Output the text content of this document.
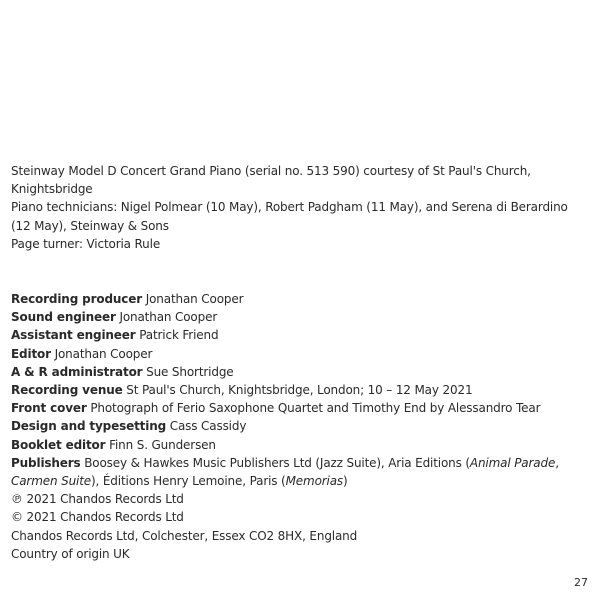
Steinway Model D Concert Grand Piano (serial no. 513 590) courtesy of St Paul's Church,
Knightsbridge
Piano technicians: Nigel Polmear (10 May), Robert Padgham (11 May), and Serena di Berardino
(12 May), Steinway & Sons
Page turner: Victoria Rule
Recording producer Jonathan Cooper
Sound engineer Jonathan Cooper
Assistant engineer Patrick Friend
Editor Jonathan Cooper
A & R administrator Sue Shortridge
Recording venue St Paul's Church, Knightsbridge, London; 10 – 12 May 2021
Front cover Photograph of Ferio Saxophone Quartet and Timothy End by Alessandro Tear
Design and typesetting Cass Cassidy
Booklet editor Finn S. Gundersen
Publishers Boosey & Hawkes Music Publishers Ltd (Jazz Suite), Aria Editions (Animal Parade,
Carmen Suite), Éditions Henry Lemoine, Paris (Memorias)
℗ 2021 Chandos Records Ltd
© 2021 Chandos Records Ltd
Chandos Records Ltd, Colchester, Essex CO2 8HX, England
Country of origin UK
27
